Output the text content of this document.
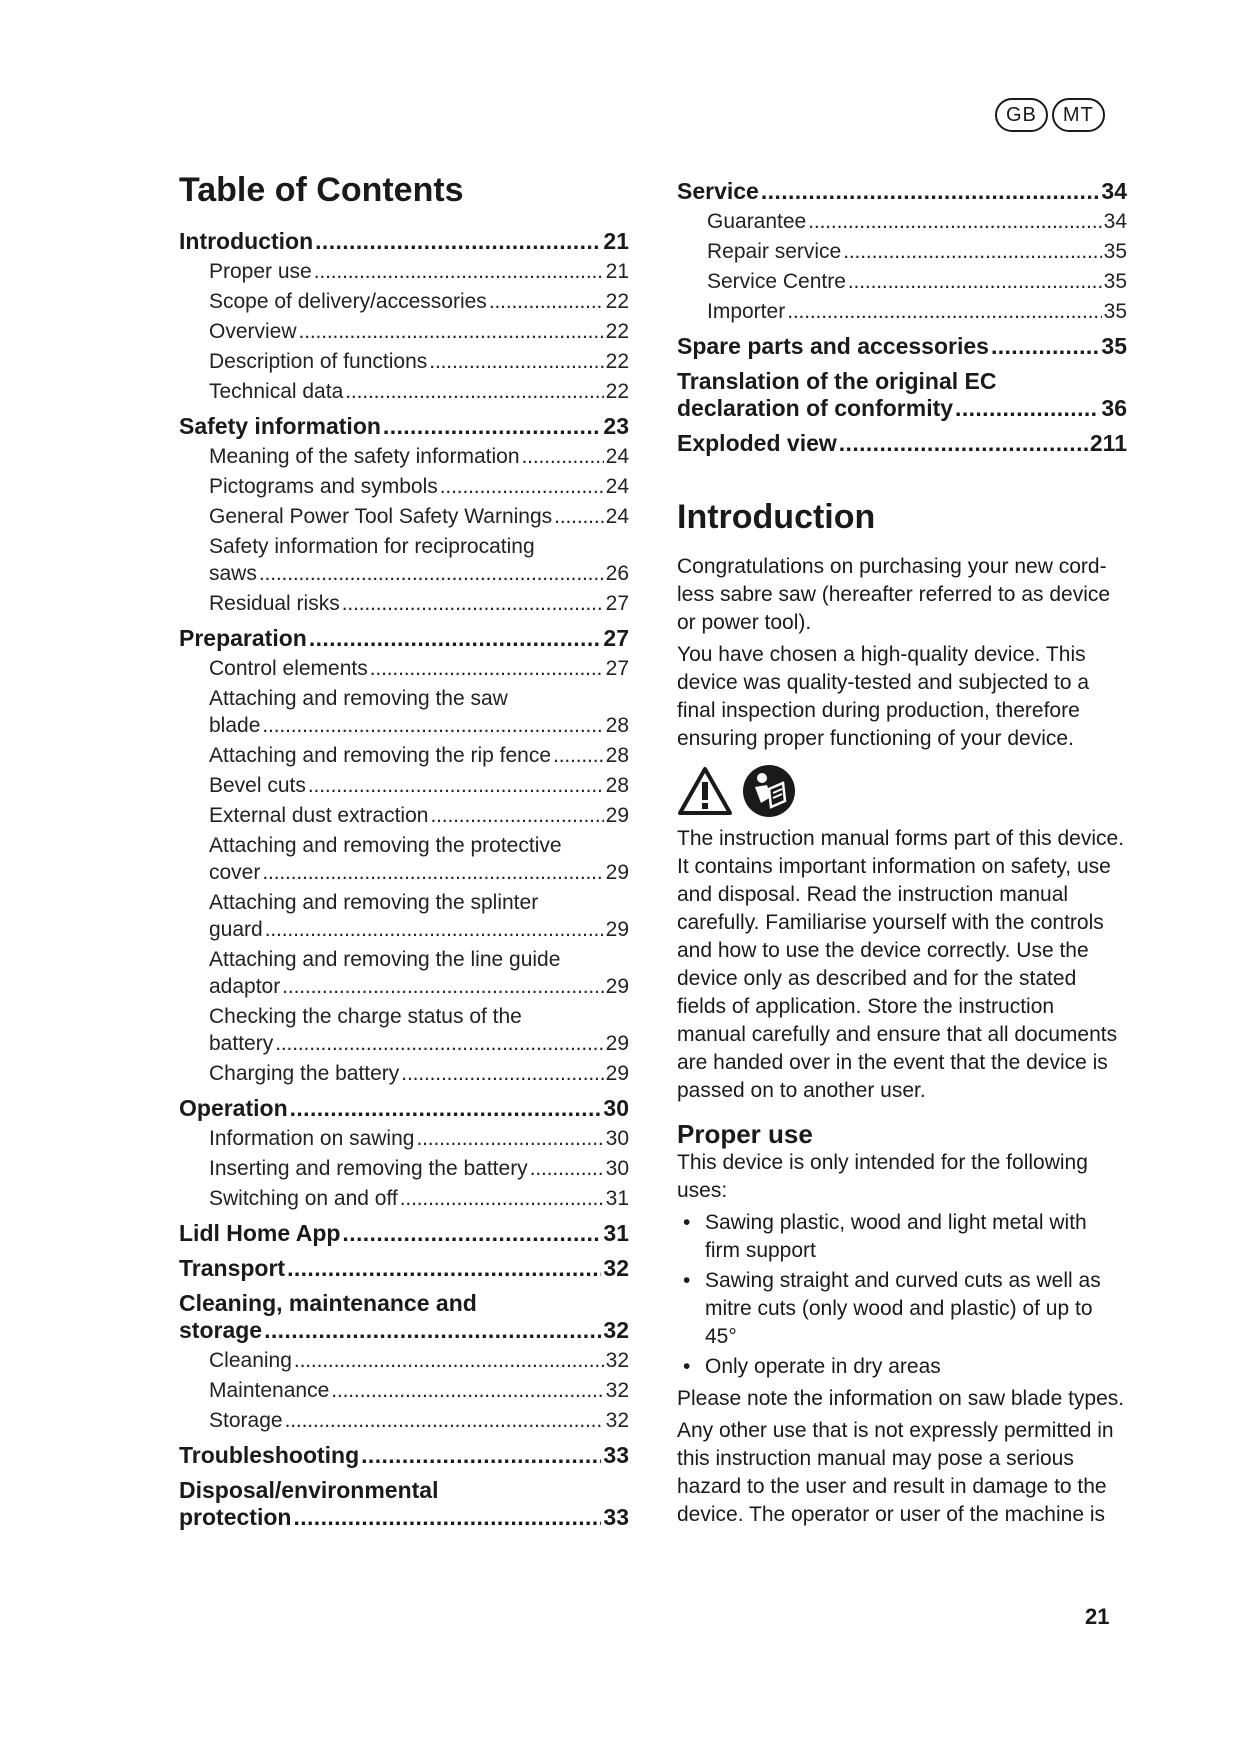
GB	MT
Table of Contents
Introduction . . .	21
Proper use . . .	21
Scope of delivery/accessories . . .	22
Overview . . .	22
Description of functions . . .	22
Technical data . . .	22
Safety information . . .	23
Meaning of the safety information . . .	24
Pictograms and symbols . . .	24
General Power Tool Safety Warnings . . .	24
Safety information for reciprocating
saws . . .	26
Residual risks . . .	27
Preparation . . .	27
Control elements . . .	27
Attaching and removing the saw
blade . . .	28
Attaching and removing the rip fence . . .	28
Bevel cuts . . .	28
External dust extraction . . .	29
Attaching and removing the protective
cover . . .	29
Attaching and removing the splinter
guard . . .	29
Attaching and removing the line guide
adaptor . . .	29
Checking the charge status of the
battery . . .	29
Charging the battery . . .	29
Operation . . .	30
Information on sawing . . .	30
Inserting and removing the battery . . .	30
Switching on and off . . .	31
Lidl Home App . . .	31
Transport . . .	32
Cleaning, maintenance and
storage . . .	32
Cleaning . . .	32
Maintenance . . .	32
Storage . . .	32
Troubleshooting . . .	33
Disposal/environmental
protection . . .	33
Service . . .	34
Guarantee . . .	34
Repair service . . .	35
Service Centre . . .	35
Importer . . .	35
Spare parts and accessories . . .	35
Translation of the original EC
declaration of conformity . . .	36
Exploded view . . .	211
Introduction

Congratulations on purchasing your new cord-less sabre saw (hereafter referred to as device or power tool).

You have chosen a high-quality device. This device was quality-tested and subjected to a final inspection during production, therefore ensuring proper functioning of your device.

The instruction manual forms part of this device. It contains important information on safety, use and disposal. Read the instruction manual carefully. Familiarise yourself with the controls and how to use the device correctly. Use the device only as described and for the stated fields of application. Store the instruction manual carefully and ensure that all documents are handed over in the event that the device is passed on to another user.

Proper use

This device is only intended for the following uses:

• Sawing plastic, wood and light metal with firm support
• Sawing straight and curved cuts as well as mitre cuts (only wood and plastic) of up to 45°
• Only operate in dry areas

Please note the information on saw blade types.

Any other use that is not expressly permitted in this instruction manual may pose a serious hazard to the user and result in damage to the device. The operator or user of the machine is

21
